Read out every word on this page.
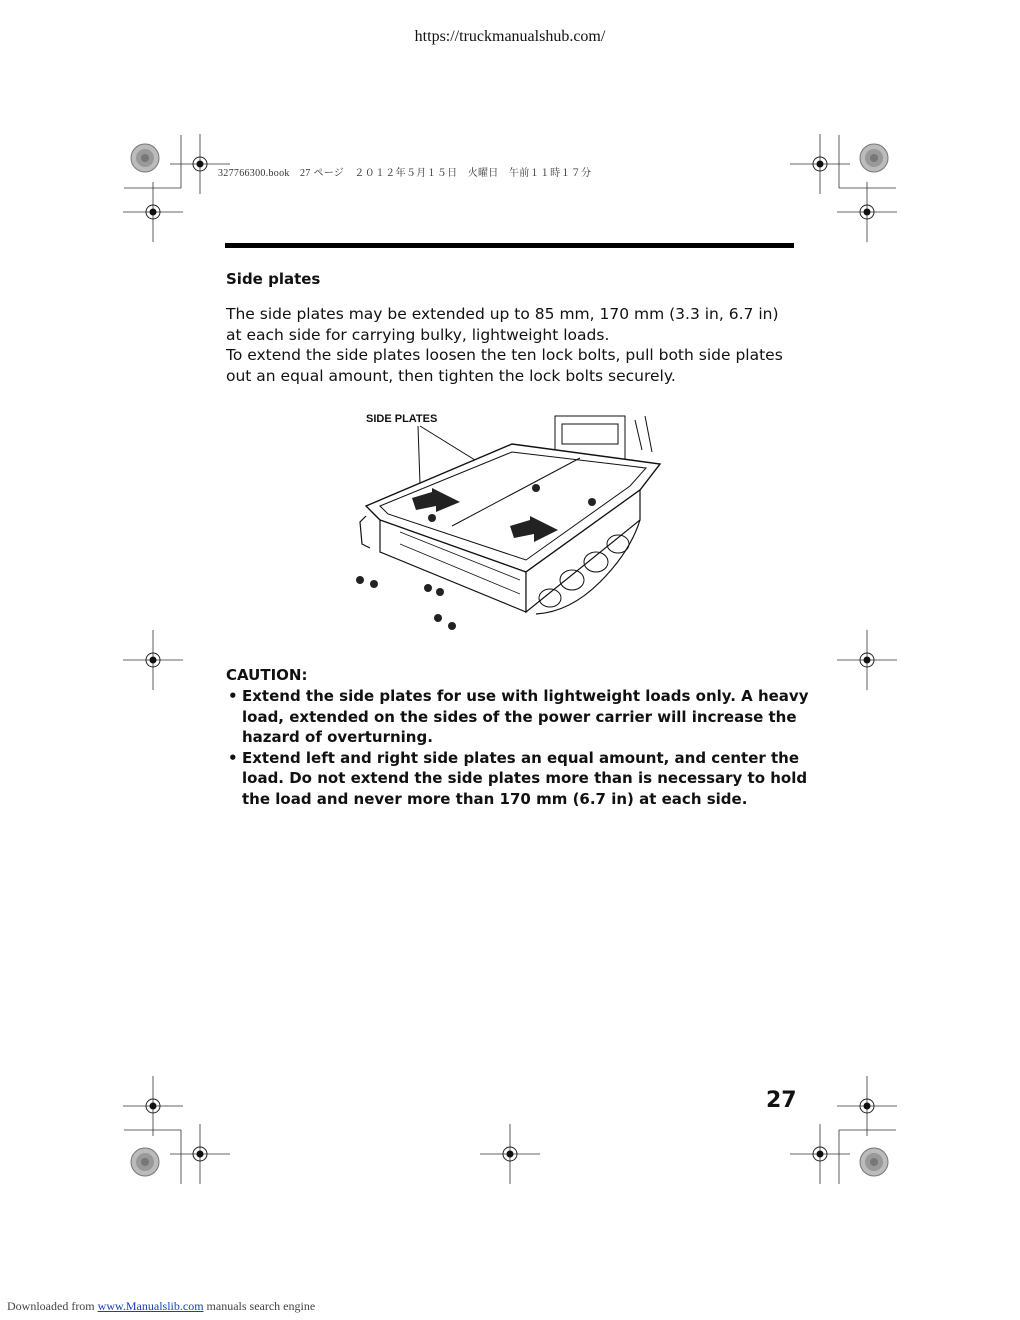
https://truckmanualshub.com/
327766300.book　27 ページ　２０１２年５月１５日　火曜日　午前１１時１７分
Side plates
The side plates may be extended up to 85 mm, 170 mm (3.3 in, 6.7 in)
at each side for carrying bulky, lightweight loads.
To extend the side plates loosen the ten lock bolts, pull both side plates
out an equal amount, then tighten the lock bolts securely.
SIDE PLATES
CAUTION:
• Extend the side plates for use with lightweight loads only. A heavy
load, extended on the sides of the power carrier will increase the
hazard of overturning.
• Extend left and right side plates an equal amount, and center the
load. Do not extend the side plates more than is necessary to hold
the load and never more than 170 mm (6.7 in) at each side.
27
Downloaded from www.Manualslib.com manuals search engine
